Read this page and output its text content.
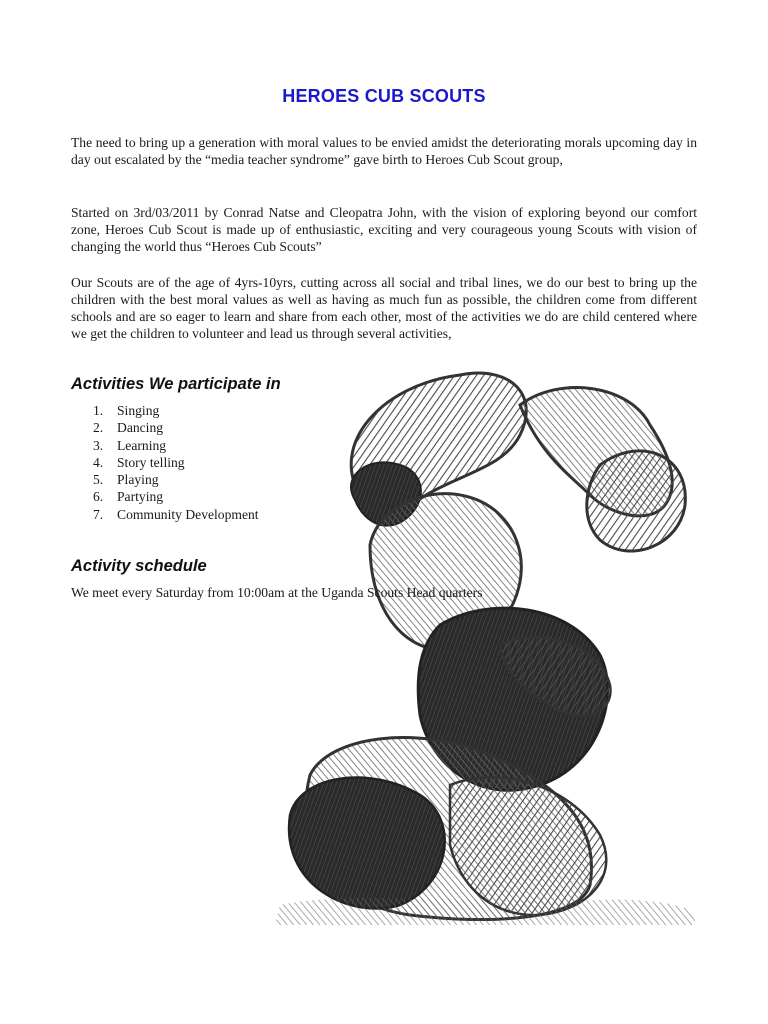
HEROES CUB SCOUTS

The need to bring up a generation with moral values to be envied amidst the deteriorating morals upcoming day in day out escalated by the “media teacher syndrome” gave birth to Heroes Cub Scout group,

Started on 3rd/03/2011 by Conrad Natse and Cleopatra John, with the vision of exploring beyond our comfort zone, Heroes Cub Scout is made up of enthusiastic, exciting and very courageous young Scouts with vision of changing the world thus “Heroes Cub Scouts”

Our Scouts are of the age of 4yrs-10yrs, cutting across all social and tribal lines, we do our best to bring up the children with the best moral values as well as having as much fun as possible, the children come from different schools and are so eager to learn and share from each other, most of the activities we do are child centered where we get the children to volunteer and lead us through several activities,

Activities We participate in
1. Singing
2. Dancing
3. Learning
4. Story telling
5. Playing
6. Partying
7. Community Development
Activity schedule

We meet every Saturday from 10:00am at the Uganda Scouts Head quarters
